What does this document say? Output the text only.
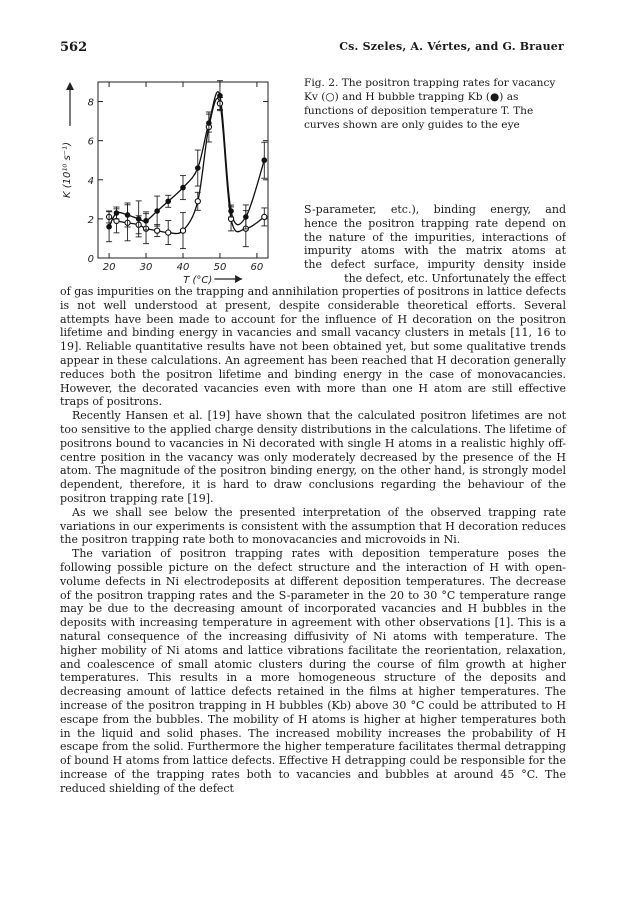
562	Cs. Szeles, A. Vértes, and G. Brauer
0
2
4
6
8
20 30 40 50 60
K (10¹⁰ s⁻¹)
T (°C)
Fig. 2. The positron trapping rates for vacancy Kv (○) and H bubble trapping Kb (●) as functions of deposition temperature T. The curves shown are only guides to the eye
S-parameter, etc.), binding energy, and
hence the positron trapping rate depend on
the nature of the impurities, interactions of
impurity atoms with the matrix atoms at
the defect surface, impurity density inside
the defect, etc. Unfortunately the effect

of gas impurities on the trapping and annihilation properties of positrons in lattice defects is not well understood at present, despite considerable theoretical efforts. Several attempts have been made to account for the influence of H decoration on the positron lifetime and binding energy in vacancies and small vacancy clusters in metals [11, 16 to 19]. Reliable quantitative results have not been obtained yet, but some qualitative trends appear in these calculations. An agreement has been reached that H decoration generally reduces both the positron lifetime and binding energy in the case of monovacancies. However, the decorated vacancies even with more than one H atom are still effective traps of positrons.

Recently Hansen et al. [19] have shown that the calculated positron lifetimes are not too sensitive to the applied charge density distributions in the calculations. The lifetime of positrons bound to vacancies in Ni decorated with single H atoms in a realistic highly off-centre position in the vacancy was only moderately decreased by the presence of the H atom. The magnitude of the positron binding energy, on the other hand, is strongly model dependent, therefore, it is hard to draw conclusions regarding the behaviour of the positron trapping rate [19].

As we shall see below the presented interpretation of the observed trapping rate variations in our experiments is consistent with the assumption that H decoration reduces the positron trapping rate both to monovacancies and microvoids in Ni.

The variation of positron trapping rates with deposition temperature poses the following possible picture on the defect structure and the interaction of H with open-volume defects in Ni electrodeposits at different deposition temperatures. The decrease of the positron trapping rates and the S-parameter in the 20 to 30 °C temperature range may be due to the decreasing amount of incorporated vacancies and H bubbles in the deposits with increasing temperature in agreement with other observations [1]. This is a natural consequence of the increasing diffusivity of Ni atoms with temperature. The higher mobility of Ni atoms and lattice vibrations facilitate the reorientation, relaxation, and coalescence of small atomic clusters during the course of film growth at higher temperatures. This results in a more homogeneous structure of the deposits and decreasing amount of lattice defects retained in the films at higher temperatures. The increase of the positron trapping in H bubbles (Kb) above 30 °C could be attributed to H escape from the bubbles. The mobility of H atoms is higher at higher temperatures both in the liquid and solid phases. The increased mobility increases the probability of H escape from the solid. Furthermore the higher temperature facilitates thermal detrapping of bound H atoms from lattice defects. Effective H detrapping could be responsible for the increase of the trapping rates both to vacancies and bubbles at around 45 °C. The reduced shielding of the defect
